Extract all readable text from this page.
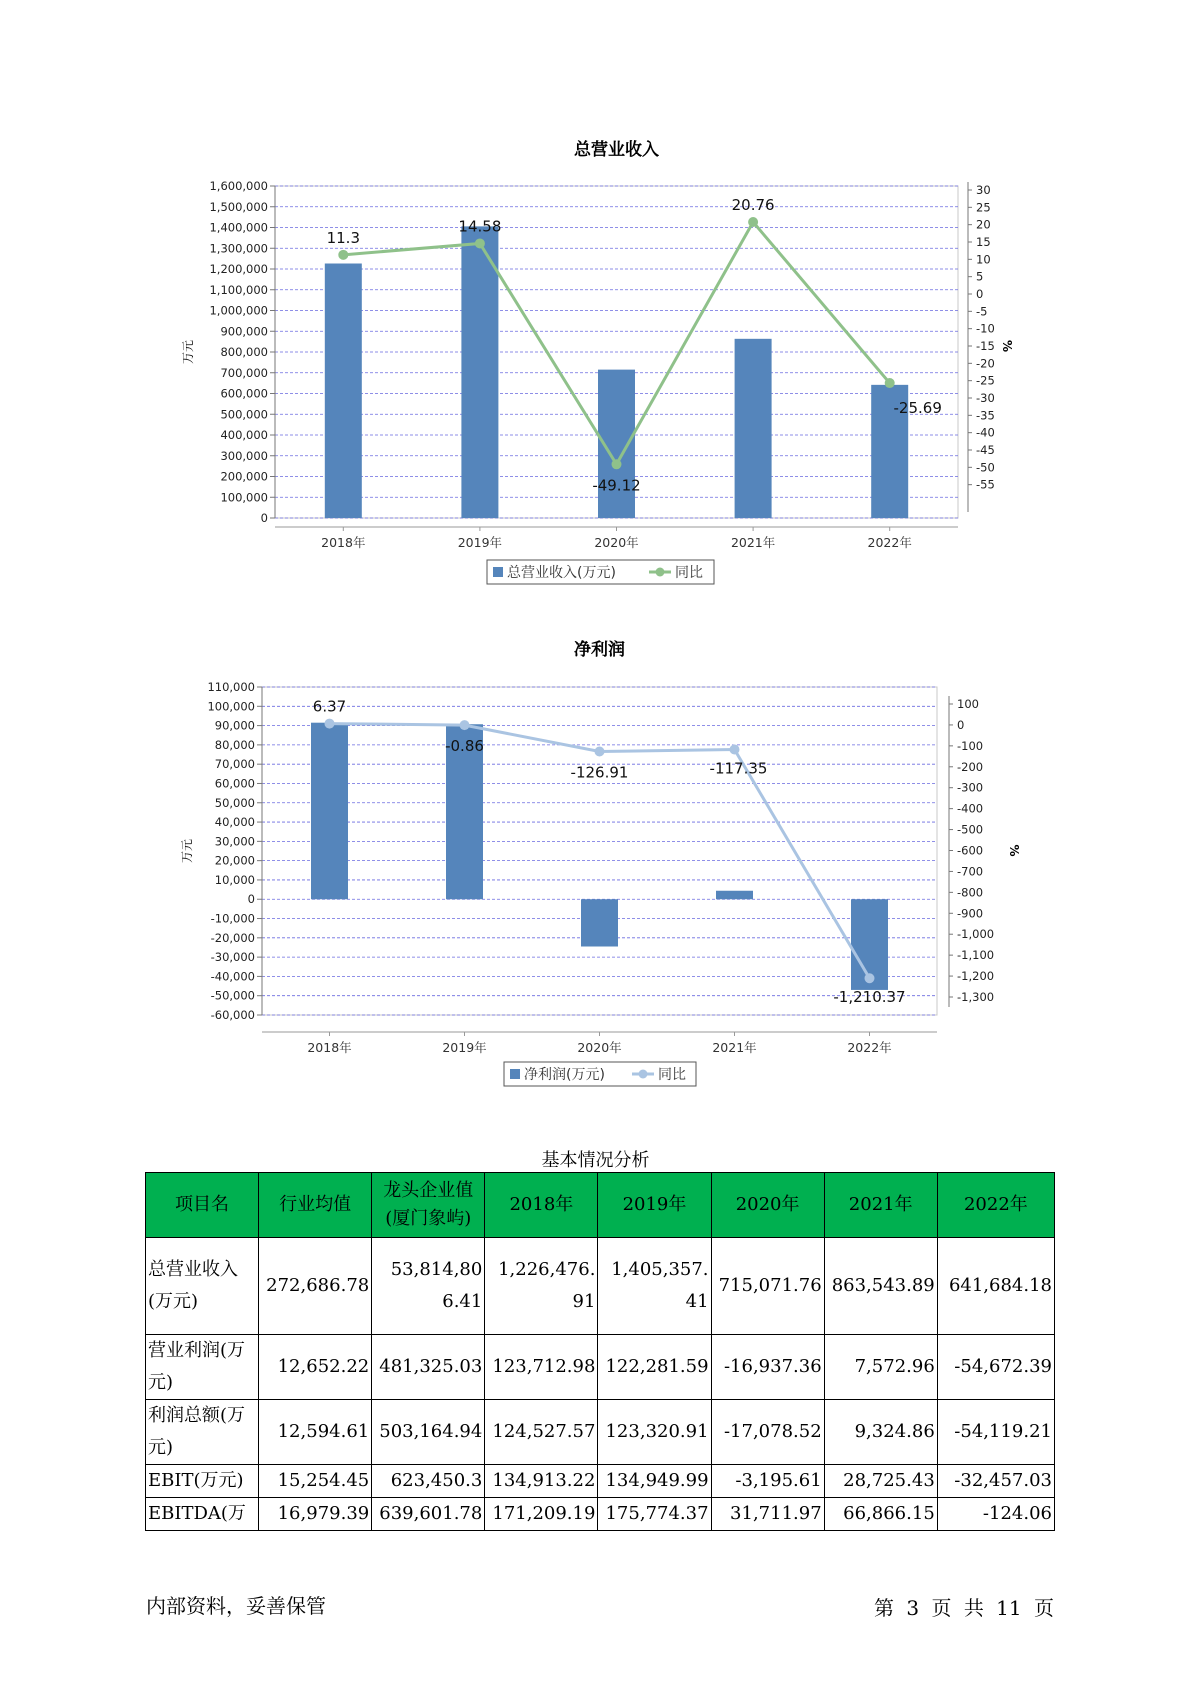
总营业收入
1,600,000
1,500,000
1,400,000
1,300,000
1,200,000
1,100,000
1,000,000
900,000
800,000
700,000
600,000
500,000
400,000
300,000
200,000
100,000
0
30
25
20
15
10
5
0
-5
-10
-15
-20
-25
-30
-35
-40
-45
-50
-55
万元	%
2018年	2019年	2020年	2021年	2022年
11.3
14.58
-49.12
20.76
-25.69
总营业收入(万元)	同比
净利润
110,000
100,000
90,000
80,000
70,000
60,000
50,000
40,000
30,000
20,000
10,000
0
-10,000
-20,000
-30,000
-40,000
-50,000
-60,000
100
0
-100
-200
-300
-400
-500
-600
-700
-800
-900
-1,000
-1,100
-1,200
-1,300
万元	%
2018年	2019年	2020年	2021年	2022年
6.37
-0.86
-126.91	-117.35
-1,210.37
净利润(万元)	同比
基本情况分析
项目名	行业均值	龙头企业值(厦门象屿)	2018年	2019年	2020年	2021年	2022年
总营业收入(万元)	272,686.78	53,814,806.41	1,226,476.91	1,405,357.41	715,071.76	863,543.89	641,684.18
营业利润(万元)	12,652.22	481,325.03	123,712.98	122,281.59	-16,937.36	7,572.96	-54,672.39
利润总额(万元)	12,594.61	503,164.94	124,527.57	123,320.91	-17,078.52	9,324.86	-54,119.21
EBIT(万元)	15,254.45	623,450.3	134,913.22	134,949.99	-3,195.61	28,725.43	-32,457.03
EBITDA(万	16,979.39	639,601.78	171,209.19	175,774.37	31,711.97	66,866.15	-124.06
内部资料，妥善保管	第 3 页 共 11 页
